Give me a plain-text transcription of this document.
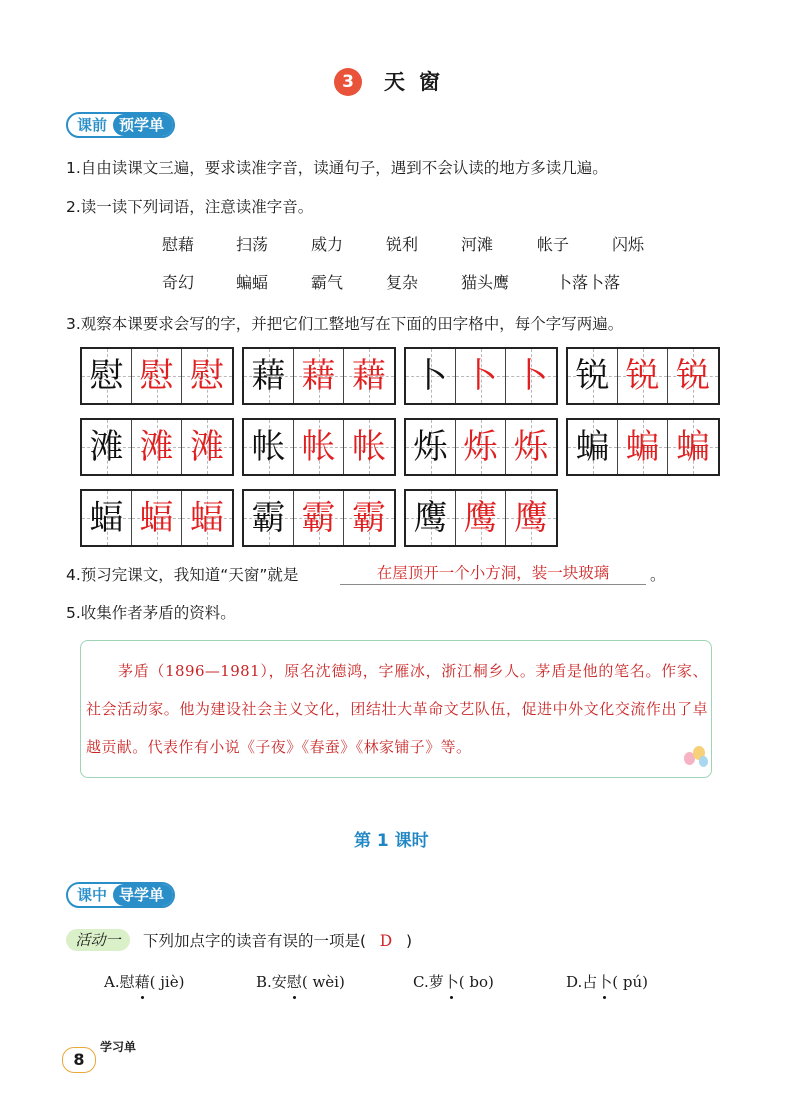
3	天窗
课前 预学单
1.自由读课文三遍，要求读准字音，读通句子，遇到不会认读的地方多读几遍。
2.读一读下列词语，注意读准字音。
慰藉	扫荡	威力	锐利	河滩	帐子	闪烁
奇幻	蝙蝠	霸气	复杂	猫头鹰	卜落卜落
3.观察本课要求会写的字，并把它们工整地写在下面的田字格中，每个字写两遍。
慰 慰 慰 藉 藉 藉 卜 卜 卜 锐 锐 锐
滩 滩 滩 帐 帐 帐 烁 烁 烁 蝙 蝙 蝙
蝠 蝠 蝠 霸 霸 霸 鹰 鹰 鹰
4.预习完课文，我知道“天窗”就是	在屋顶开一个小方洞，装一块玻璃	。
5.收集作者茅盾的资料。
茅盾（1896—1981），原名沈德鸿，字雁冰，浙江桐乡人。茅盾是他的笔名。作家、社会活动家。他为建设社会主义文化，团结壮大革命文艺队伍，促进中外文化交流作出了卓越贡献。代表作有小说《子夜》《春蚕》《林家铺子》等。
第 1 课时
课中 导学单
活动一	下列加点字的读音有误的一项是( D )
A.慰藉( jiè)	B.安慰( wèi)	C.萝卜( bo)	D.占卜( pú)
8
学习单
